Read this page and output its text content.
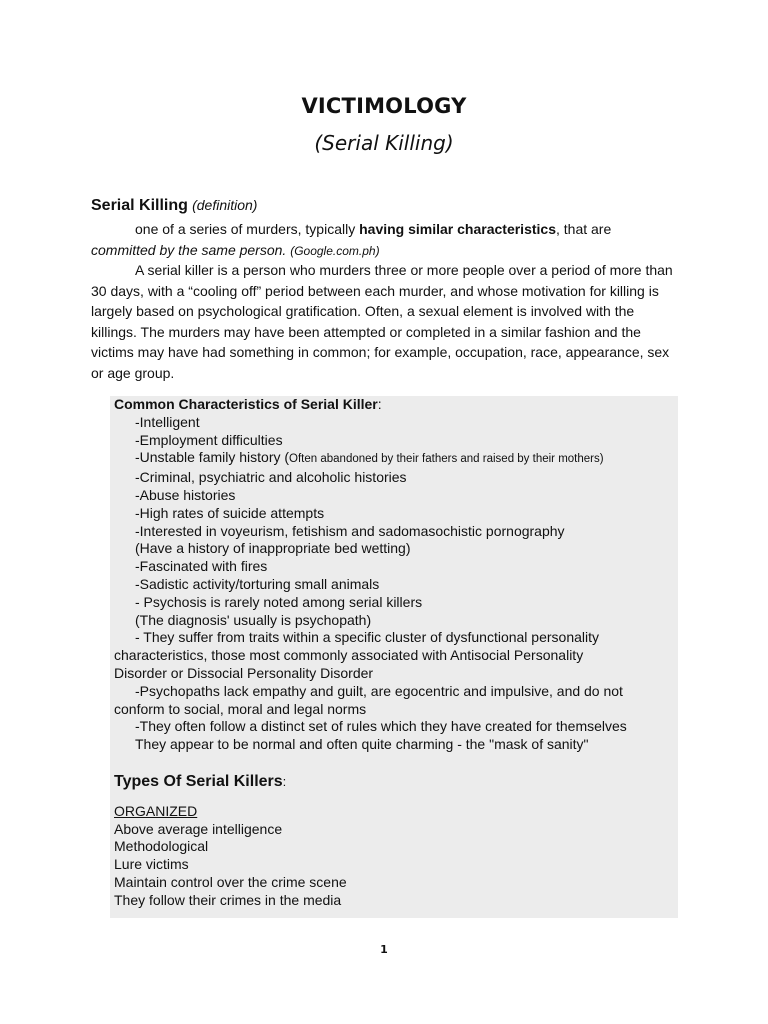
VICTIMOLOGY
(Serial Killing)
Serial Killing (definition)
one of a series of murders, typically having similar characteristics, that are
committed by the same person. (Google.com.ph)
A serial killer is a person who murders three or more people over a period of more than 30 days, with a “cooling off” period between each murder, and whose motivation for killing is largely based on psychological gratification. Often, a sexual element is involved with the killings. The murders may have been attempted or completed in a similar fashion and the victims may have had something in common; for example, occupation, race, appearance, sex or age group.
Common Characteristics of Serial Killer:
-Intelligent
-Employment difficulties
-Unstable family history (Often abandoned by their fathers and raised by their mothers)
-Criminal, psychiatric and alcoholic histories
-Abuse histories
-High rates of suicide attempts
-Interested in voyeurism, fetishism and sadomasochistic pornography
(Have a history of inappropriate bed wetting)
-Fascinated with fires
-Sadistic activity/torturing small animals
- Psychosis is rarely noted among serial killers
(The diagnosis' usually is psychopath)
- They suffer from traits within a specific cluster of dysfunctional personality
characteristics, those most commonly associated with Antisocial Personality
Disorder or Dissocial Personality Disorder
-Psychopaths lack empathy and guilt, are egocentric and impulsive, and do not
conform to social, moral and legal norms
-They often follow a distinct set of rules which they have created for themselves
They appear to be normal and often quite charming - the "mask of sanity"
Types Of Serial Killers:
ORGANIZED
Above average intelligence
Methodological
Lure victims
Maintain control over the crime scene
They follow their crimes in the media
1
